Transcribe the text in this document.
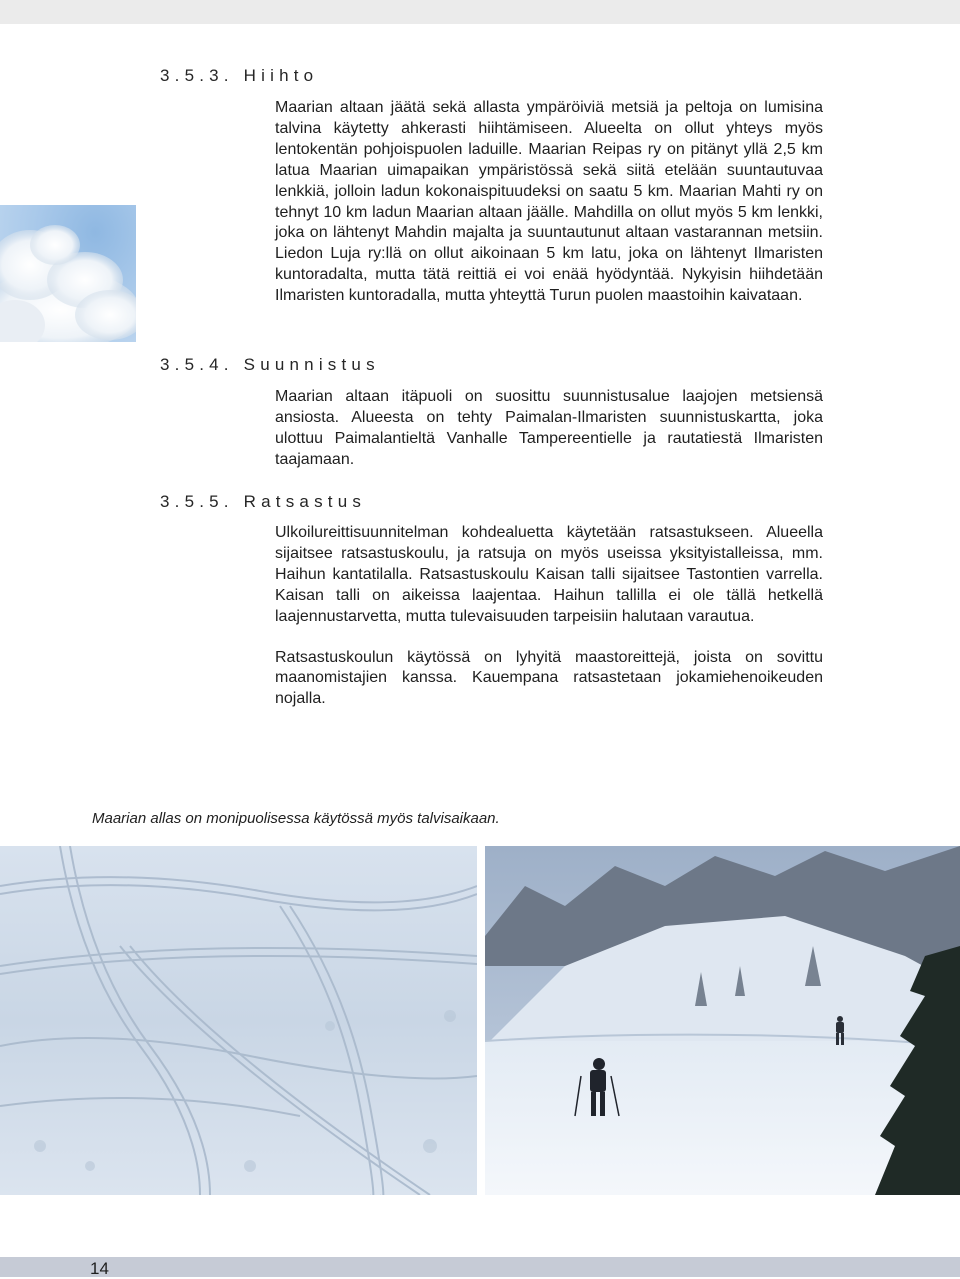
3.5.3. Hiihto

Maarian altaan jäätä sekä allasta ympäröiviä metsiä ja peltoja on lumisina talvina käytetty ahkerasti hiihtämiseen. Alueelta on ollut yhteys myös lentokentän pohjoispuolen laduille. Maarian Reipas ry on pitänyt yllä 2,5 km latua Maarian uimapaikan ympäristössä sekä siitä etelään suuntautuvaa lenkkiä, jolloin ladun kokonaispituudeksi on saatu 5 km. Maarian Mahti ry on tehnyt 10 km ladun Maarian altaan jäälle. Mahdilla on ollut myös 5 km lenkki, joka on lähtenyt Mahdin majalta ja suuntautunut altaan vastarannan metsiin. Liedon Luja ry:llä on ollut aikoinaan 5 km latu, joka on lähtenyt Ilmaristen kuntoradalta, mutta tätä reittiä ei voi enää hyödyntää. Nykyisin hiihdetään Ilmaristen kuntoradalla, mutta yhteyttä Turun puolen maastoihin kaivataan.

3.5.4. Suunnistus

Maarian altaan itäpuoli on suosittu suunnistusalue laajojen metsiensä ansiosta. Alueesta on tehty Paimalan-Ilmaristen suunnistuskartta, joka ulottuu Paimalantieltä Vanhalle Tampereentielle ja rautatiestä Ilmaristen taajamaan.

3.5.5. Ratsastus

Ulkoilureittisuunnitelman kohdealuetta käytetään ratsastukseen. Alueella sijaitsee ratsastuskoulu, ja ratsuja on myös useissa yksityistalleissa, mm. Haihun kantatilalla. Ratsastuskoulu Kaisan talli sijaitsee Tastontien varrella. Kaisan talli on aikeissa laajentaa. Haihun tallilla ei ole tällä hetkellä laajennustarvetta, mutta tulevaisuuden tarpeisiin halutaan varautua.

Ratsastuskoulun käytössä on lyhyitä maastoreittejä, joista on sovittu maanomistajien kanssa. Kauempana ratsastetaan jokamiehenoikeuden nojalla.

Maarian allas on monipuolisessa käytössä myös talvisaikaan.
14
